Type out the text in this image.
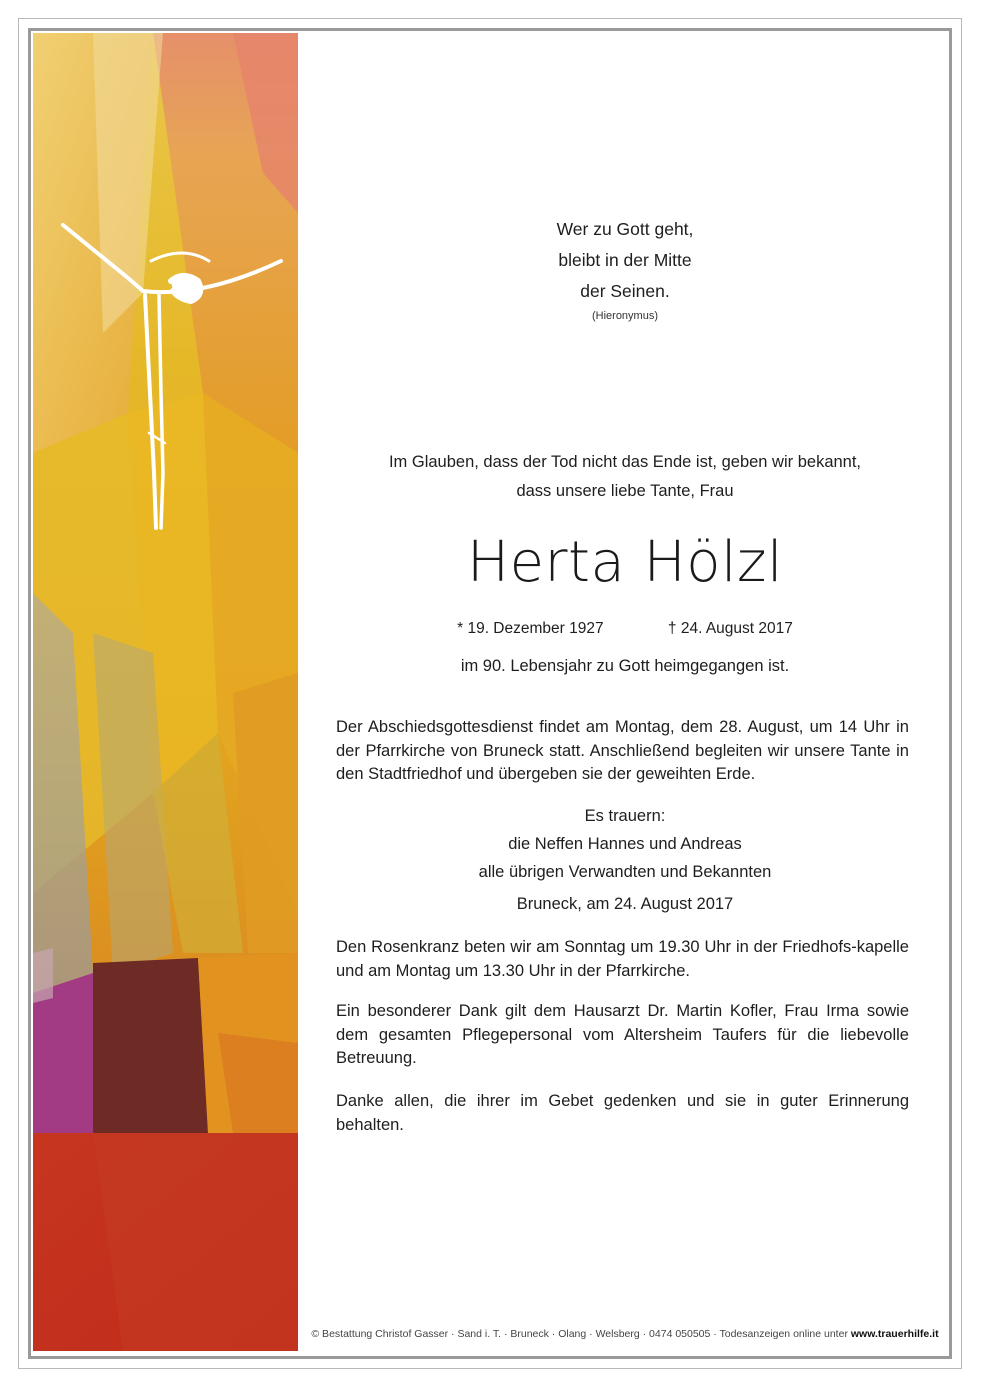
Wer zu Gott geht,
bleibt in der Mitte
der Seinen.
(Hieronymus)
Im Glauben, dass der Tod nicht das Ende ist, geben wir bekannt,
dass unsere liebe Tante, Frau
Herta Hölzl
* 19. Dezember 1927	† 24. August 2017
im 90. Lebensjahr zu Gott heimgegangen ist.
Der Abschiedsgottesdienst findet am Montag, dem 28. August, um 14 Uhr in der Pfarrkirche von Bruneck statt. Anschließend begleiten wir unsere Tante in den Stadtfriedhof und übergeben sie der geweihten Erde.
Es trauern:
die Neffen Hannes und Andreas
alle übrigen Verwandten und Bekannten
Bruneck, am 24. August 2017
Den Rosenkranz beten wir am Sonntag um 19.30 Uhr in der Friedhofs-kapelle und am Montag um 13.30 Uhr in der Pfarrkirche.
Ein besonderer Dank gilt dem Hausarzt Dr. Martin Kofler, Frau Irma sowie dem gesamten Pflegepersonal vom Altersheim Taufers für die liebevolle Betreuung.
Danke allen, die ihrer im Gebet gedenken und sie in guter Erinnerung behalten.
© Bestattung Christof Gasser · Sand i. T. · Bruneck · Olang · Welsberg · 0474 050505 · Todesanzeigen online unter www.trauerhilfe.it
